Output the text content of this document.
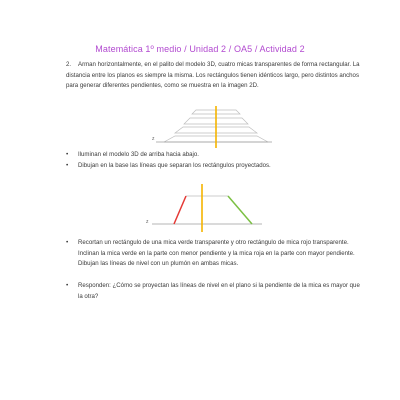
Matemática 1º medio / Unidad 2 / OA5 / Actividad 2
2. Arman horizontalmente, en el palito del modelo 3D, cuatro micas transparentes de forma rectangular. La distancia entre los planos es siempre la misma. Los rectángulos tienen idénticos largo, pero distintos anchos para generar diferentes pendientes, como se muestra en la imagen 2D.
z
• Iluminan el modelo 3D de arriba hacia abajo.
• Dibujan en la base las líneas que separan los rectángulos proyectados.
z
• Recortan un rectángulo de una mica verde transparente y otro rectángulo de mica rojo transparente. Inclinan la mica verde en la parte con menor pendiente y la mica roja en la parte con mayor pendiente. Dibujan las líneas de nivel con un plumón en ambas micas.
• Responden: ¿Cómo se proyectan las líneas de nivel en el plano si la pendiente de la mica es mayor que la otra?
